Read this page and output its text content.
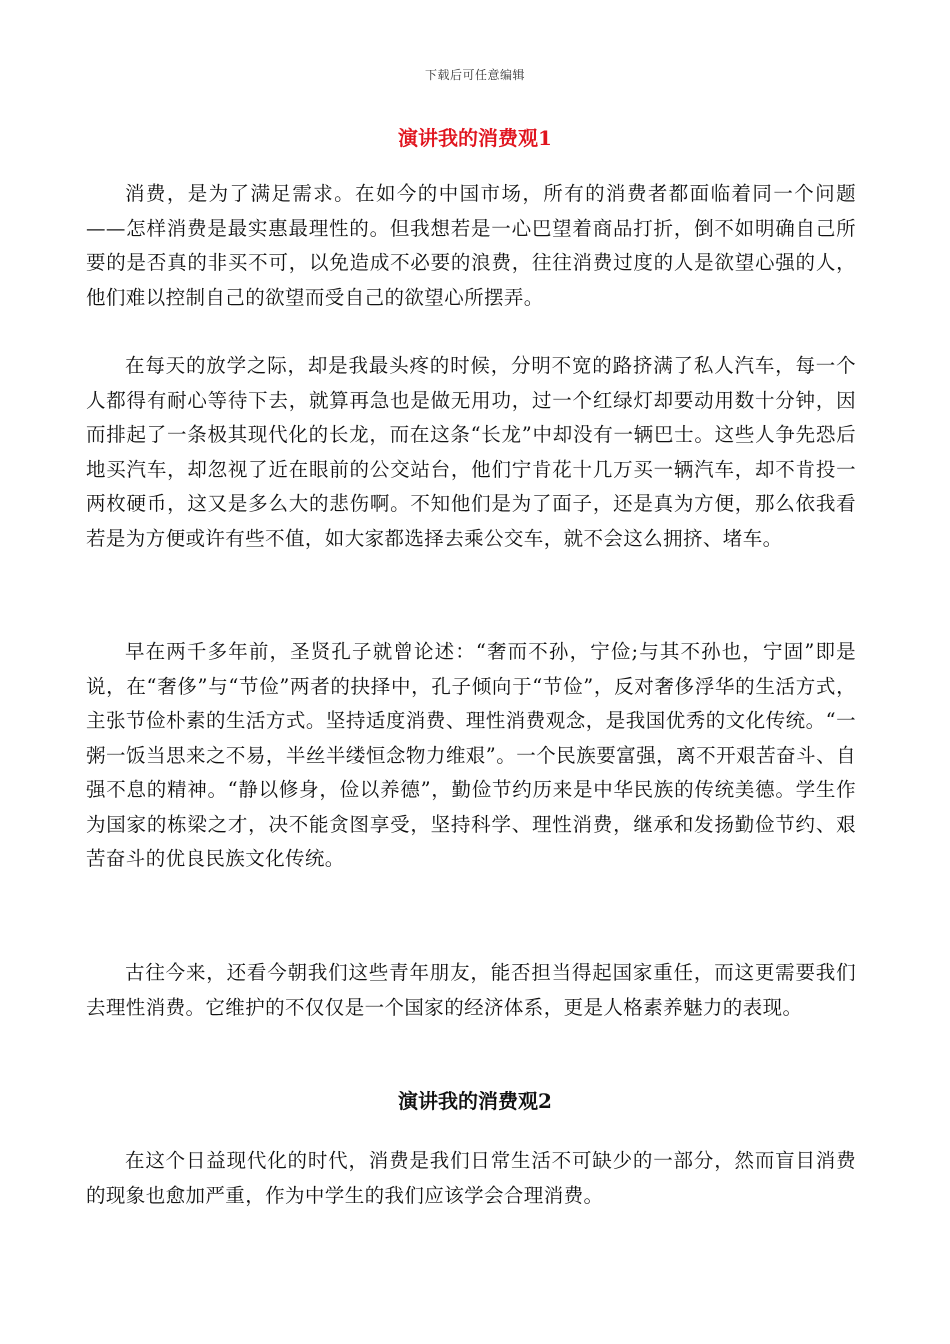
下载后可任意编辑
演讲我的消费观1

消费，是为了满足需求。在如今的中国市场，所有的消费者都面临着同一个问题——怎样消费是最实惠最理性的。但我想若是一心巴望着商品打折，倒不如明确自己所要的是否真的非买不可，以免造成不必要的浪费，往往消费过度的人是欲望心强的人，他们难以控制自己的欲望而受自己的欲望心所摆弄。

在每天的放学之际，却是我最头疼的时候，分明不宽的路挤满了私人汽车，每一个人都得有耐心等待下去，就算再急也是做无用功，过一个红绿灯却要动用数十分钟，因而排起了一条极其现代化的长龙，而在这条“长龙”中却没有一辆巴士。这些人争先恐后地买汽车，却忽视了近在眼前的公交站台，他们宁肯花十几万买一辆汽车，却不肯投一两枚硬币，这又是多么大的悲伤啊。不知他们是为了面子，还是真为方便，那么依我看若是为方便或许有些不值，如大家都选择去乘公交车，就不会这么拥挤、堵车。

早在两千多年前，圣贤孔子就曾论述：“奢而不孙，宁俭;与其不孙也，宁固”即是说，在“奢侈”与“节俭”两者的抉择中，孔子倾向于“节俭”，反对奢侈浮华的生活方式，主张节俭朴素的生活方式。坚持适度消费、理性消费观念，是我国优秀的文化传统。“一粥一饭当思来之不易，半丝半缕恒念物力维艰”。一个民族要富强，离不开艰苦奋斗、自强不息的精神。“静以修身，俭以养德”，勤俭节约历来是中华民族的传统美德。学生作为国家的栋梁之才，决不能贪图享受，坚持科学、理性消费，继承和发扬勤俭节约、艰苦奋斗的优良民族文化传统。

古往今来，还看今朝我们这些青年朋友，能否担当得起国家重任，而这更需要我们去理性消费。它维护的不仅仅是一个国家的经济体系，更是人格素养魅力的表现。

演讲我的消费观2

在这个日益现代化的时代，消费是我们日常生活不可缺少的一部分，然而盲目消费的现象也愈加严重，作为中学生的我们应该学会合理消费。
